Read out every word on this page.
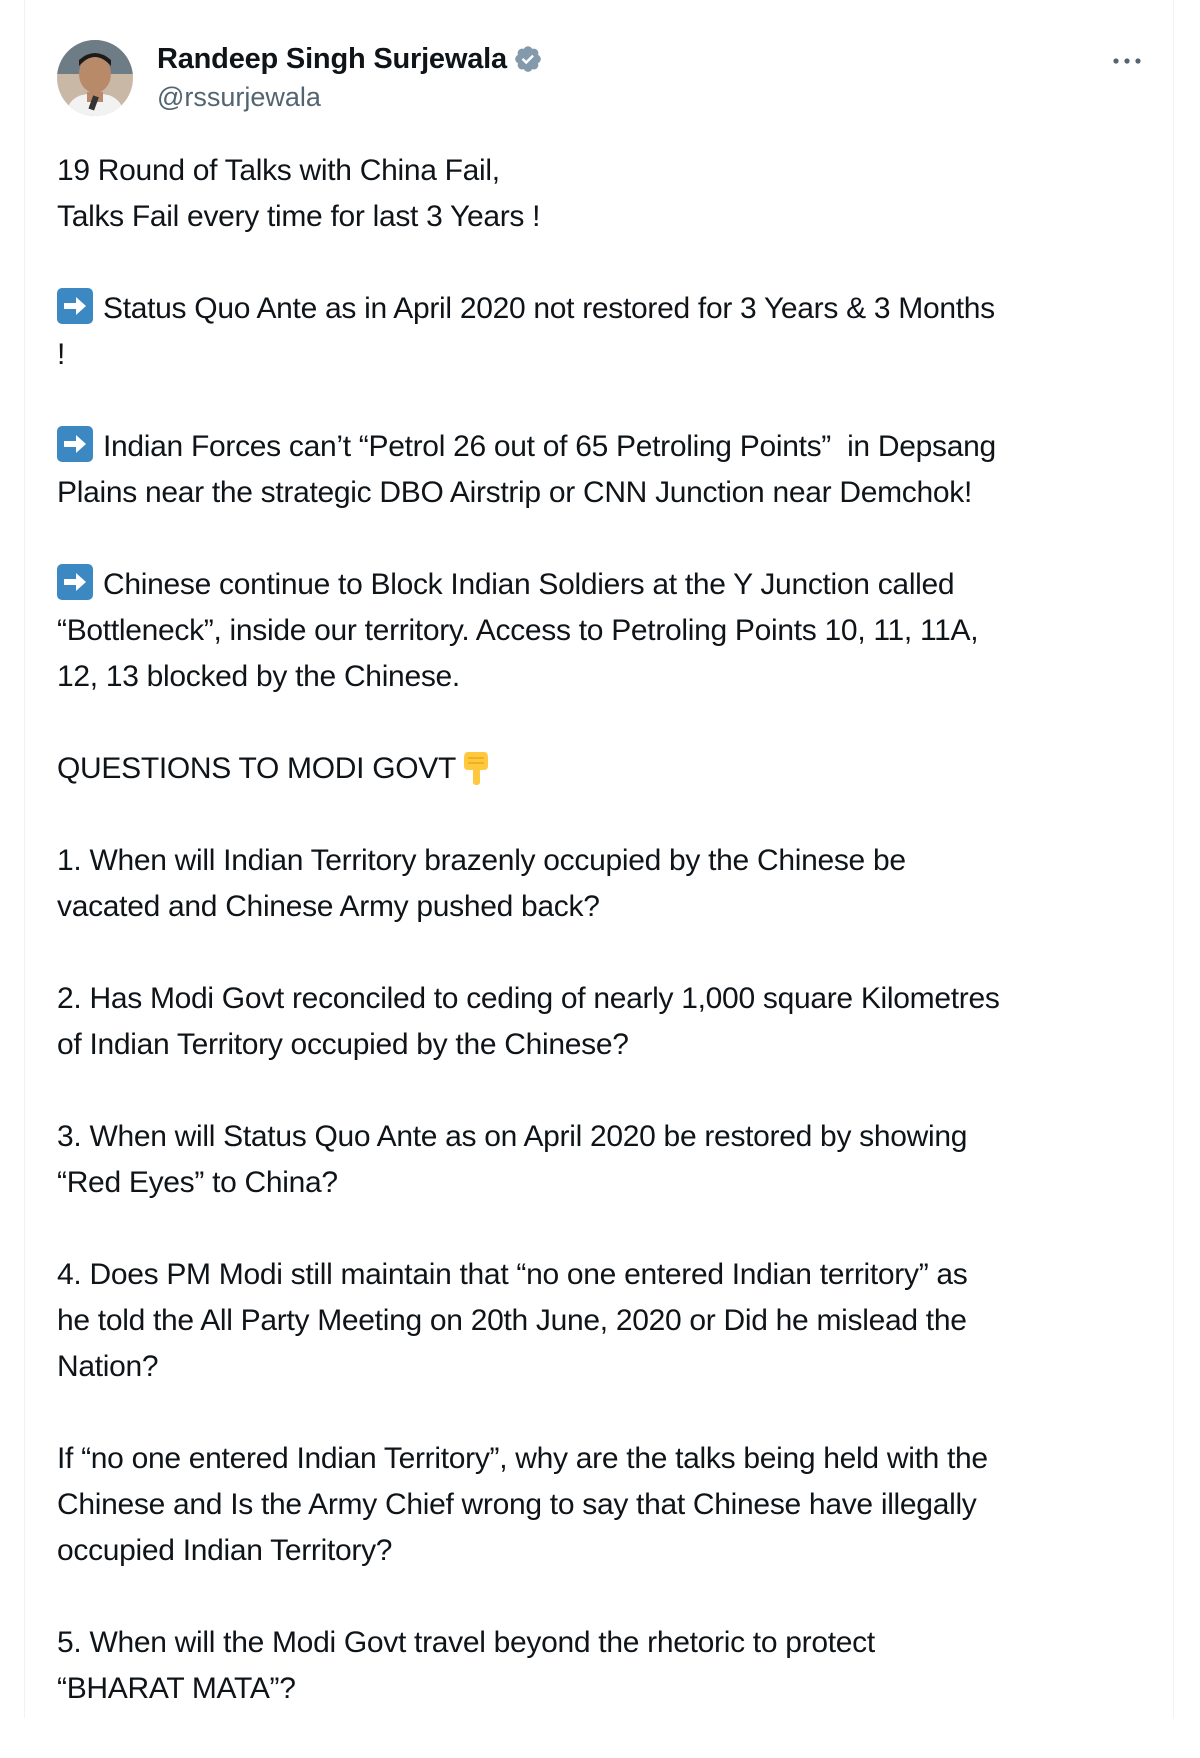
Randeep Singh Surjewala
@rssurjewala
19 Round of Talks with China Fail,
Talks Fail every time for last 3 Years !
Status Quo Ante as in April 2020 not restored for 3 Years & 3 Months
!
Indian Forces can’t “Petrol 26 out of 65 Petroling Points”  in Depsang
Plains near the strategic DBO Airstrip or CNN Junction near Demchok!
Chinese continue to Block Indian Soldiers at the Y Junction called
“Bottleneck”, inside our territory. Access to Petroling Points 10, 11, 11A,
12, 13 blocked by the Chinese.
QUESTIONS TO MODI GOVT
1. When will Indian Territory brazenly occupied by the Chinese be
vacated and Chinese Army pushed back?
2. Has Modi Govt reconciled to ceding of nearly 1,000 square Kilometres
of Indian Territory occupied by the Chinese?
3. When will Status Quo Ante as on April 2020 be restored by showing
“Red Eyes” to China?
4. Does PM Modi still maintain that “no one entered Indian territory” as
he told the All Party Meeting on 20th June, 2020 or Did he mislead the
Nation?
If “no one entered Indian Territory”, why are the talks being held with the
Chinese and Is the Army Chief wrong to say that Chinese have illegally
occupied Indian Territory?
5. When will the Modi Govt travel beyond the rhetoric to protect
“BHARAT MATA”?
